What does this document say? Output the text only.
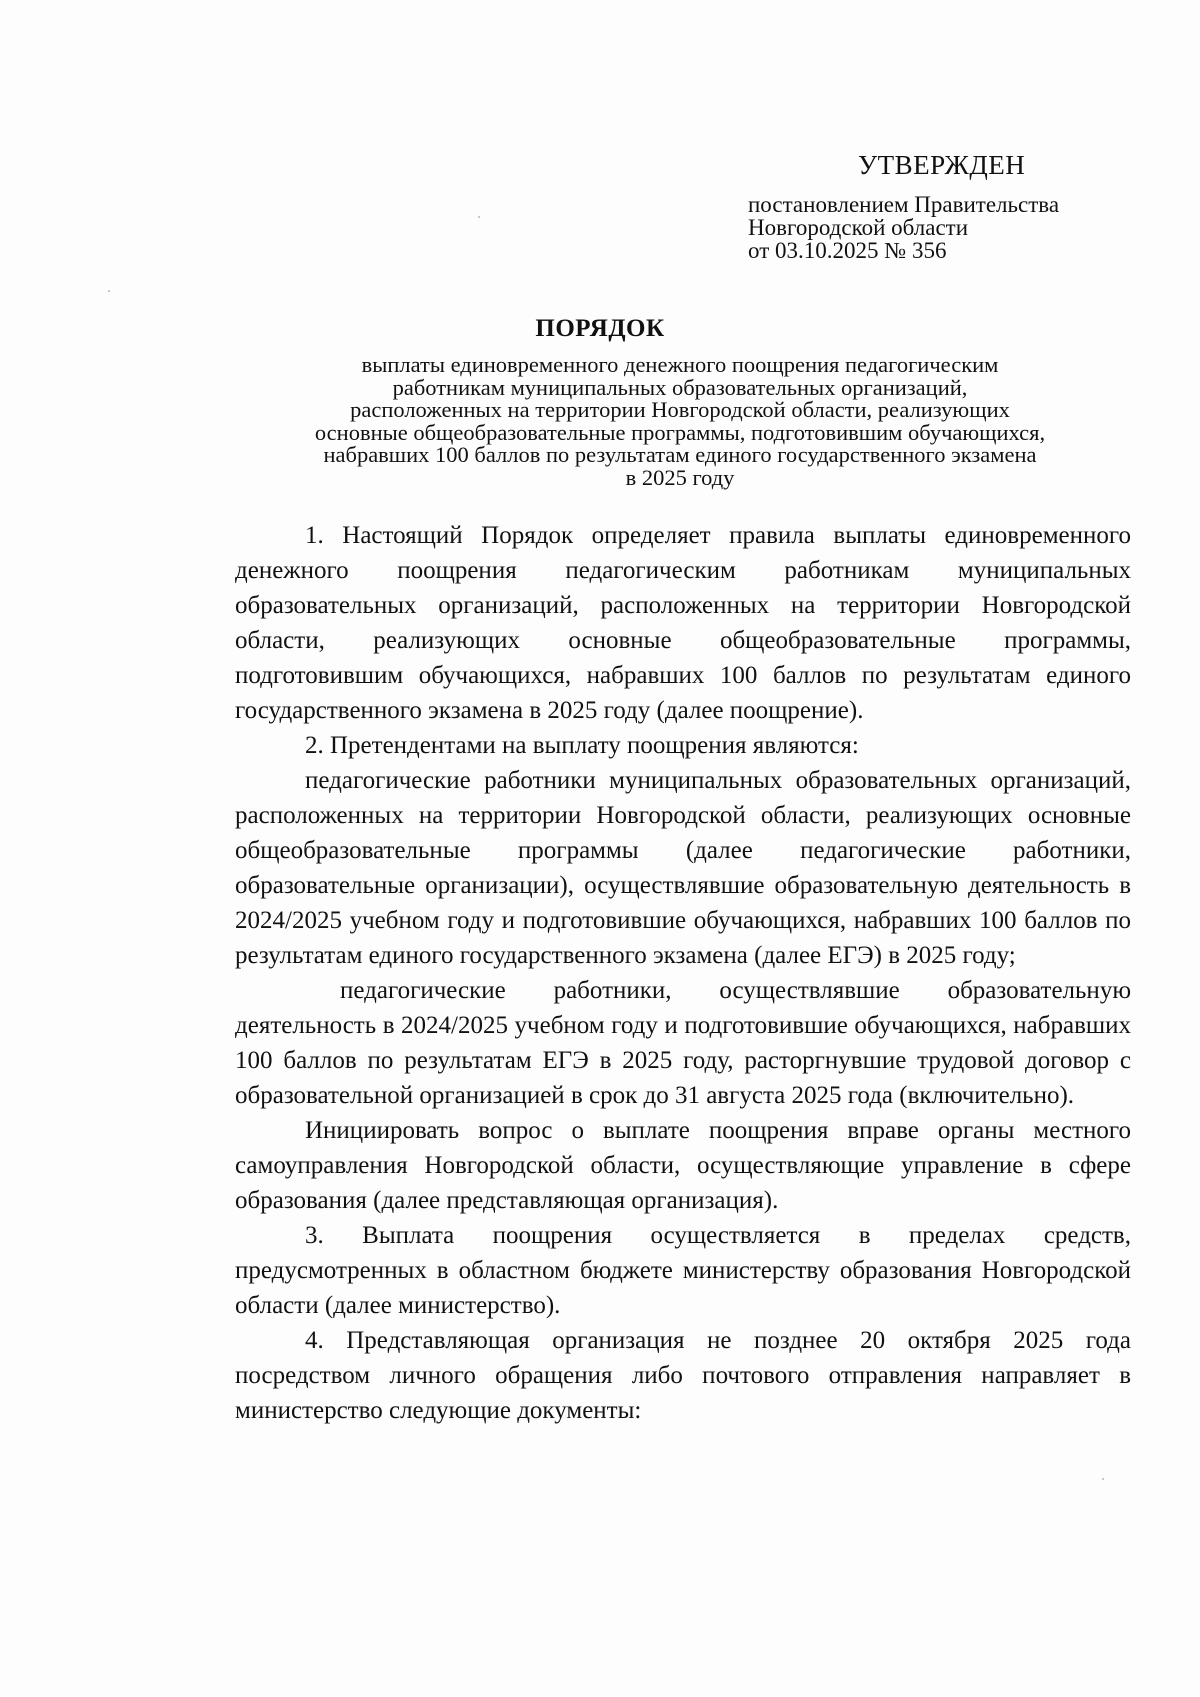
УТВЕРЖДЕН
постановлением Правительства
Новгородской области
от 03.10.2025 № 356
ПОРЯДОК
выплаты единовременного денежного поощрения педагогическим
работникам муниципальных образовательных организаций,
расположенных на территории Новгородской области, реализующих
основные общеобразовательные программы, подготовившим обучающихся,
набравших 100 баллов по результатам единого государственного экзамена
в 2025 году

1. Настоящий Порядок определяет правила выплаты единовременного денежного поощрения педагогическим работникам муниципальных образовательных организаций, расположенных на территории Новгородской области, реализующих основные общеобразовательные программы, подготовившим обучающихся, набравших 100 баллов по результатам единого государственного экзамена в 2025 году (далее поощрение).

2. Претендентами на выплату поощрения являются:

педагогические работники муниципальных образовательных организаций, расположенных на территории Новгородской области, реализующих основные общеобразовательные программы (далее педагогические работники, образовательные организации), осуществлявшие образовательную деятельность в 2024/2025 учебном году и подготовившие обучающихся, набравших 100 баллов по результатам единого государственного экзамена (далее ЕГЭ) в 2025 году;

педагогические работники, осуществлявшие образовательную деятельность в 2024/2025 учебном году и подготовившие обучающихся, набравших 100 баллов по результатам ЕГЭ в 2025 году, расторгнувшие трудовой договор с образовательной организацией в срок до 31 августа 2025 года (включительно).

Инициировать вопрос о выплате поощрения вправе органы местного самоуправления Новгородской области, осуществляющие управление в сфере образования (далее представляющая организация).

3. Выплата поощрения осуществляется в пределах средств, предусмотренных в областном бюджете министерству образования Новгородской области (далее министерство).

4. Представляющая организация не позднее 20 октября 2025 года посредством личного обращения либо почтового отправления направляет в министерство следующие документы:
